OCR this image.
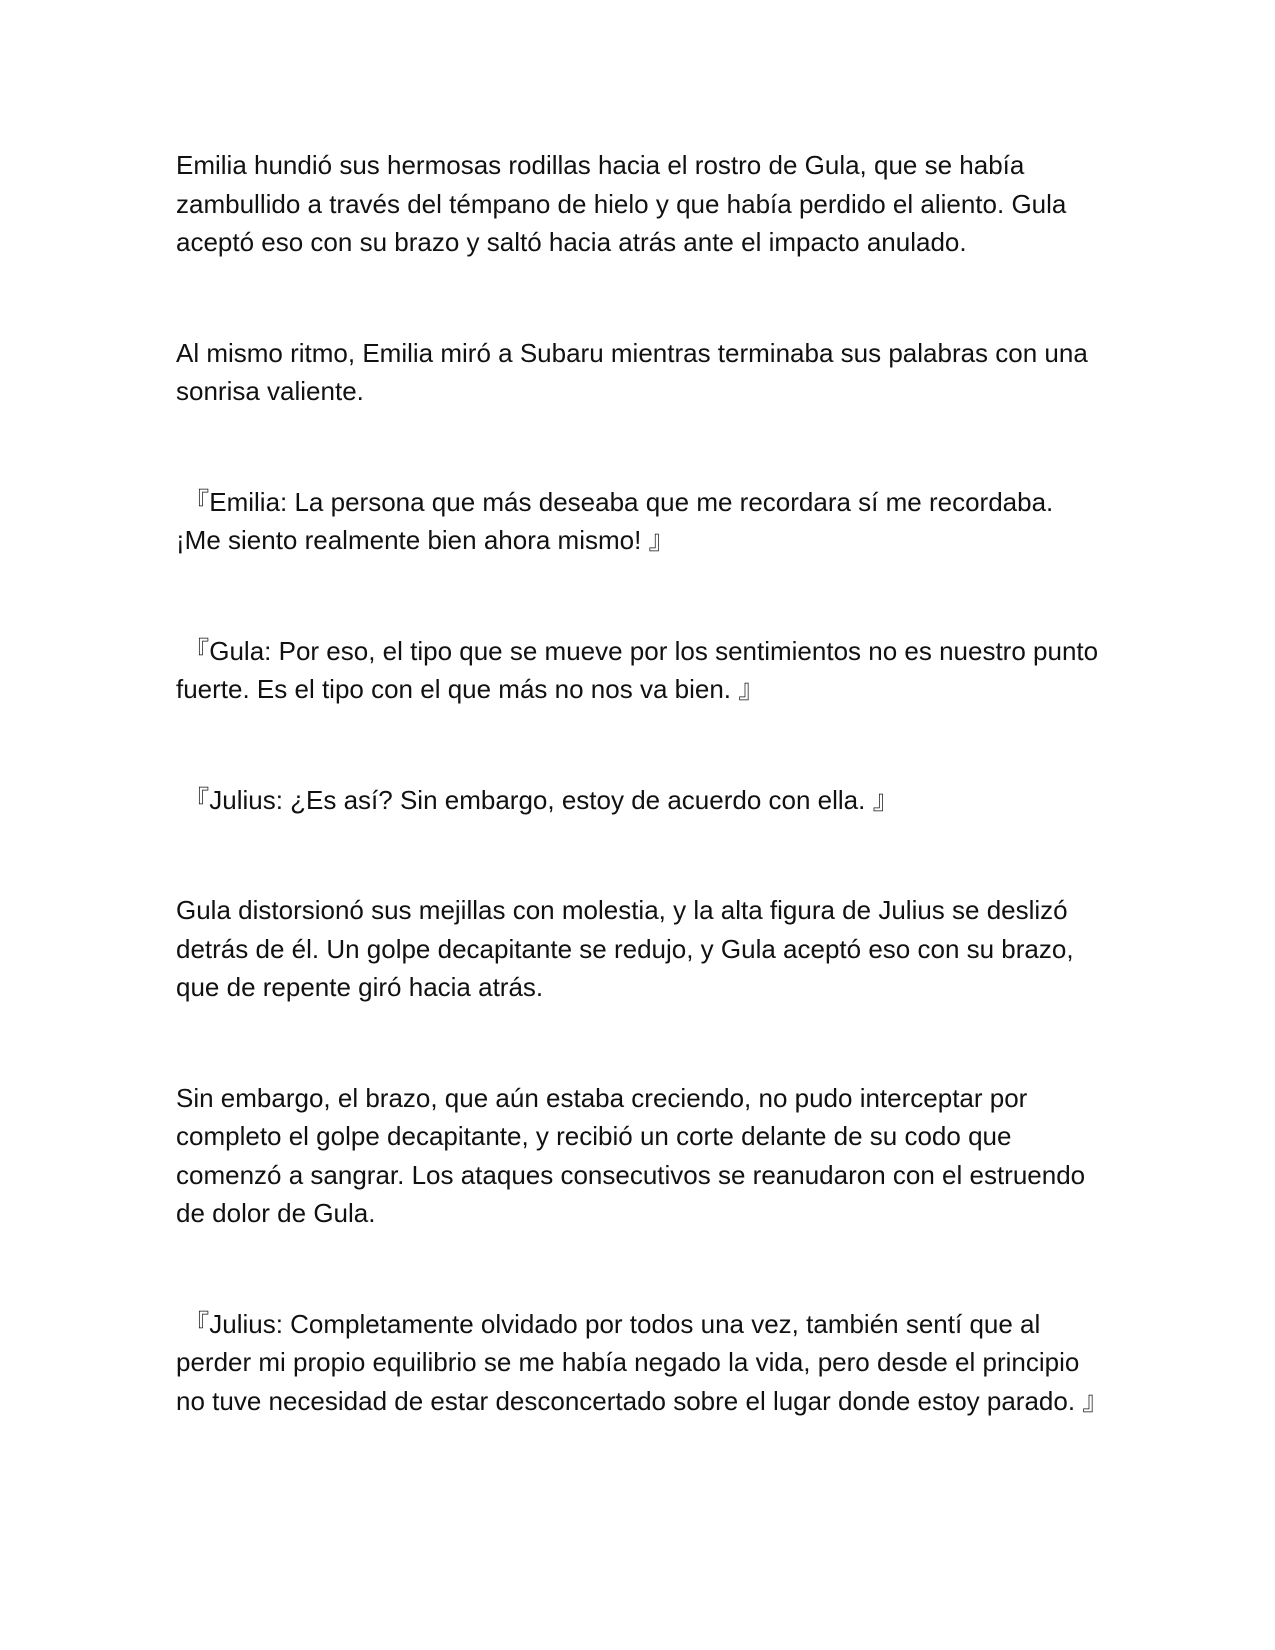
Emilia hundió sus hermosas rodillas hacia el rostro de Gula, que se había zambullido a través del témpano de hielo y que había perdido el aliento. Gula aceptó eso con su brazo y saltó hacia atrás ante el impacto anulado.

Al mismo ritmo, Emilia miró a Subaru mientras terminaba sus palabras con una sonrisa valiente.

『Emilia: La persona que más deseaba que me recordara sí me recordaba. ¡Me siento realmente bien ahora mismo! 』

『Gula: Por eso, el tipo que se mueve por los sentimientos no es nuestro punto fuerte. Es el tipo con el que más no nos va bien. 』

『Julius: ¿Es así? Sin embargo, estoy de acuerdo con ella. 』

Gula distorsionó sus mejillas con molestia, y la alta figura de Julius se deslizó detrás de él. Un golpe decapitante se redujo, y Gula aceptó eso con su brazo, que de repente giró hacia atrás.

Sin embargo, el brazo, que aún estaba creciendo, no pudo interceptar por completo el golpe decapitante, y recibió un corte delante de su codo que comenzó a sangrar. Los ataques consecutivos se reanudaron con el estruendo de dolor de Gula.

『Julius: Completamente olvidado por todos una vez, también sentí que al perder mi propio equilibrio se me había negado la vida, pero desde el principio no tuve necesidad de estar desconcertado sobre el lugar donde estoy parado. 』
